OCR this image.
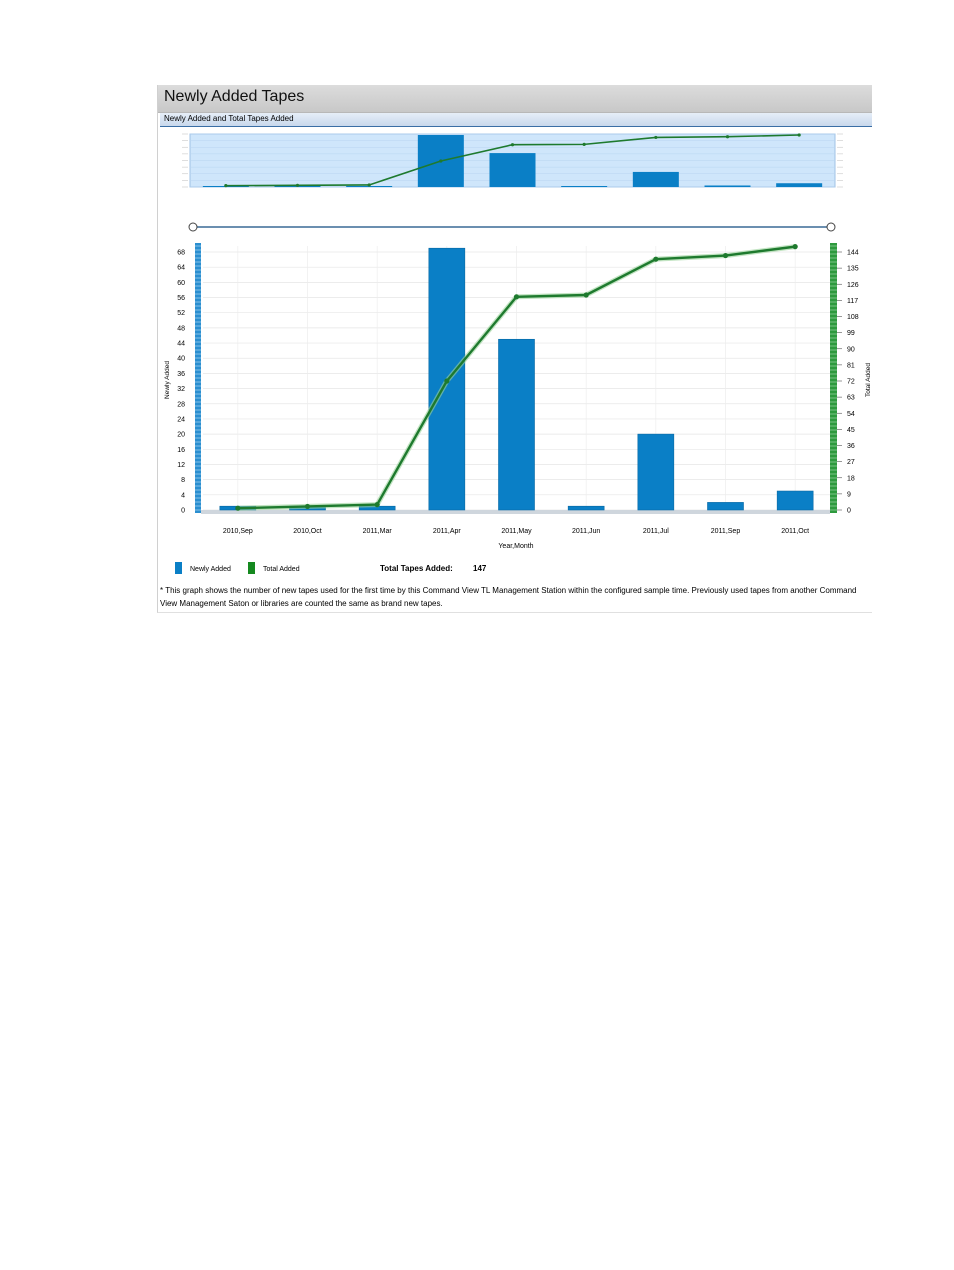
Newly Added Tapes
Newly Added and Total Tapes Added
0
4
8
12
16
20
24
28
32
36
40
44
48
52
56
60
64
68
0
9
18
27
36
45
54
63
72
81
90
99
108
117
126
135
144
Newly Added	Total Added
2010,Sep	2010,Oct	2011,Mar	2011,Apr	2011,May	2011,Jun	2011,Jul	2011,Sep	2011,Oct
Year,Month
Newly Added	Total Added	Total Tapes Added:	147
* This graph shows the number of new tapes used for the first time by this Command View TL Management Station within the configured sample time. Previously used tapes from another Command View Management Saton or libraries are counted the same as brand new tapes.
